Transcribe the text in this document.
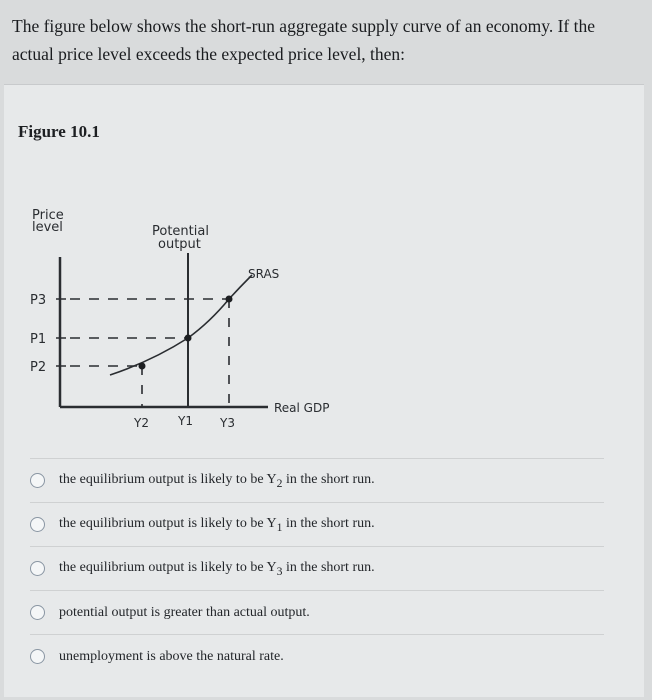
The figure below shows the short-run aggregate supply curve of an economy. If the actual price level exceeds the expected price level, then:
Figure 10.1
Price
level	Potential
output
SRAS
Real GDP
P3
P1
P2
Y2 Y1 Y3
the equilibrium output is likely to be $Y_2$ in the short run.
the equilibrium output is likely to be $Y_1$ in the short run.
the equilibrium output is likely to be $Y_3$ in the short run.
potential output is greater than actual output.
unemployment is above the natural rate.
